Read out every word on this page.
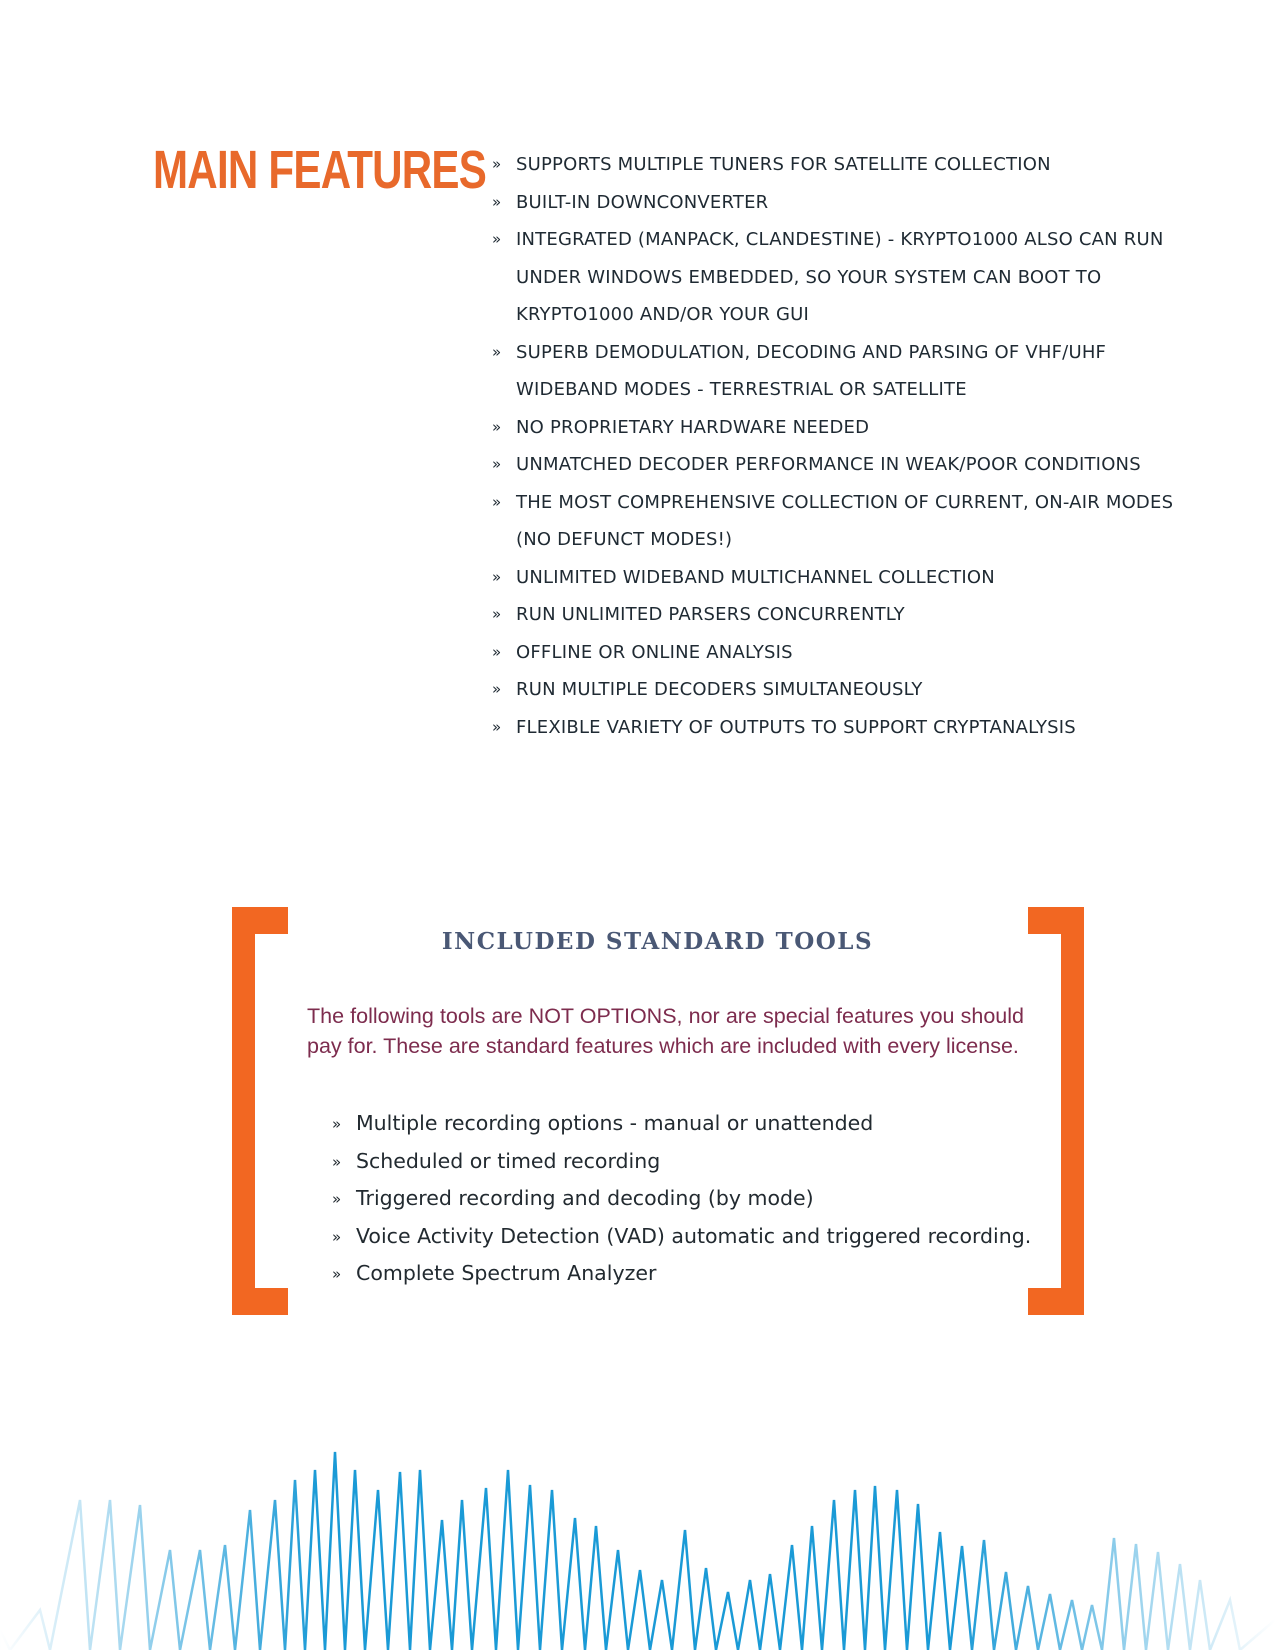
MAIN FEATURES » SUPPORTS MULTIPLE TUNERS FOR SATELLITE COLLECTION
» BUILT-IN DOWNCONVERTER
» INTEGRATED (MANPACK, CLANDESTINE) - KRYPTO1000 ALSO CAN RUN UNDER WINDOWS EMBEDDED, SO YOUR SYSTEM CAN BOOT TO KRYPTO1000 AND/OR YOUR GUI
» SUPERB DEMODULATION, DECODING AND PARSING OF VHF/UHF WIDEBAND MODES - TERRESTRIAL OR SATELLITE
» NO PROPRIETARY HARDWARE NEEDED
» UNMATCHED DECODER PERFORMANCE IN WEAK/POOR CONDITIONS
» THE MOST COMPREHENSIVE COLLECTION OF CURRENT, ON-AIR MODES (NO DEFUNCT MODES!)
» UNLIMITED WIDEBAND MULTICHANNEL COLLECTION
» RUN UNLIMITED PARSERS CONCURRENTLY
» OFFLINE OR ONLINE ANALYSIS
» RUN MULTIPLE DECODERS SIMULTANEOUSLY
» FLEXIBLE VARIETY OF OUTPUTS TO SUPPORT CRYPTANALYSIS
INCLUDED STANDARD TOOLS

The following tools are NOT OPTIONS, nor are special features you should pay for. These are standard features which are included with every license.

» Multiple recording options - manual or unattended
» Scheduled or timed recording
» Triggered recording and decoding (by mode)
» Voice Activity Detection (VAD) automatic and triggered recording.
» Complete Spectrum Analyzer
